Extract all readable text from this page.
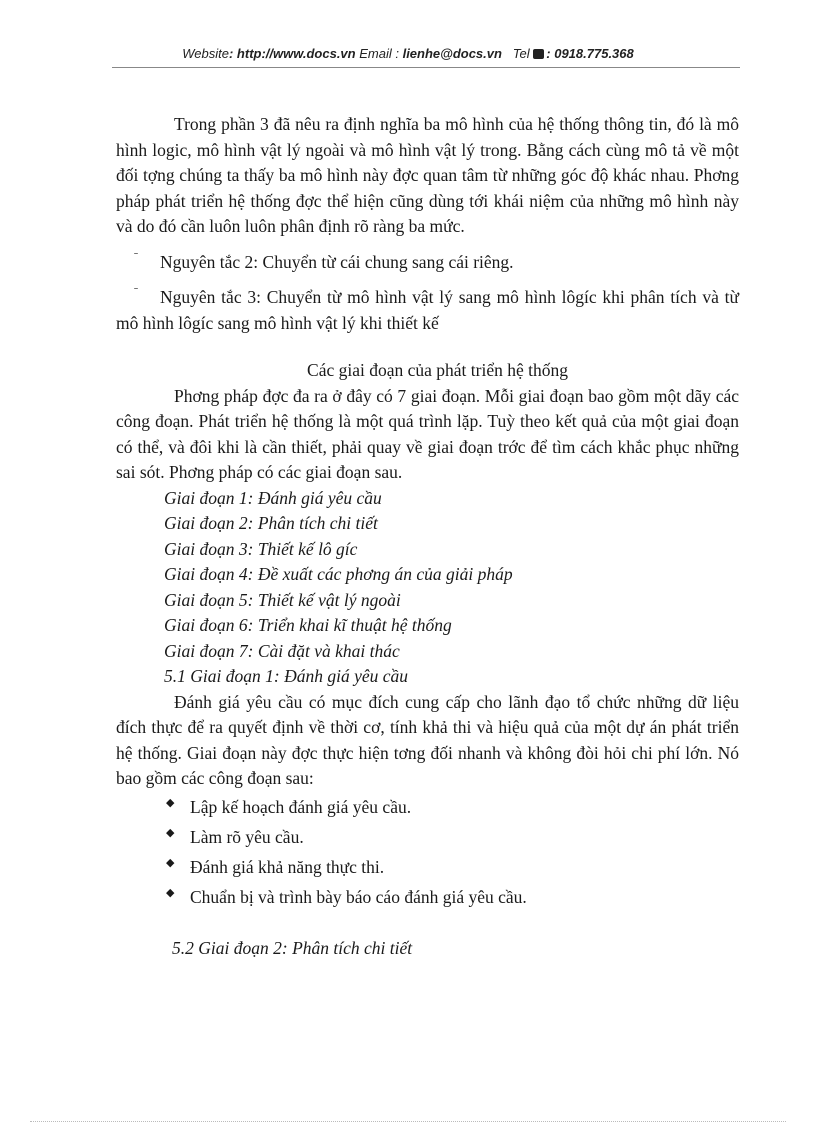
Website: http://www.docs.vn Email : lienhe@docs.vn   Tel : 0918.775.368

Trong phần 3 đã nêu ra định nghĩa ba mô hình của hệ thống thông tin, đó là mô hình logic, mô hình vật lý ngoài và mô hình vật lý trong. Bằng cách cùng mô tả về một đối tợng chúng ta thấy ba mô hình này đợc quan tâm từ những góc độ khác nhau. Phơng pháp phát triển hệ thống đợc thể hiện cũng dùng tới khái niệm của những mô hình này và do đó cần luôn luôn phân định rõ ràng ba mức.

ˉ Nguyên tắc 2: Chuyển từ cái chung sang cái riêng.

ˉ Nguyên tắc 3: Chuyển từ mô hình vật lý sang mô hình lôgíc khi phân tích và từ mô hình lôgíc sang mô hình vật lý khi thiết kế

Các giai đoạn của phát triển hệ thống

Phơng pháp đợc đa ra ở đây có 7 giai đoạn. Mỗi giai đoạn bao gồm một dãy các công đoạn. Phát triển hệ thống là một quá trình lặp. Tuỳ theo kết quả của một giai đoạn có thể, và đôi khi là cần thiết, phải quay về giai đoạn trớc để tìm cách khắc phục những sai sót. Phơng pháp có các giai đoạn sau.

Giai đoạn 1: Đánh giá yêu cầu

Giai đoạn 2: Phân tích chi tiết

Giai đoạn 3: Thiết kế lô gíc

Giai đoạn 4: Đề xuất các phơng án của giải pháp

Giai đoạn 5: Thiết kế vật lý ngoài

Giai đoạn 6: Triển khai kĩ thuật hệ thống

Giai đoạn 7: Cài đặt và khai thác

5.1 Giai đoạn 1: Đánh giá yêu cầu

Đánh giá yêu cầu có mục đích cung cấp cho lãnh đạo tổ chức những dữ liệu đích thực để ra quyết định về thời cơ, tính khả thi và hiệu quả của một dự án phát triển hệ thống. Giai đoạn này đợc thực hiện tơng đối nhanh và không đòi hỏi chi phí lớn. Nó bao gồm các công đoạn sau:

◆ Lập kế hoạch đánh giá yêu cầu.

◆ Làm rõ yêu cầu.

◆ Đánh giá khả năng thực thi.

◆ Chuẩn bị và trình bày báo cáo đánh giá yêu cầu.

5.2 Giai đoạn 2: Phân tích chi tiết
